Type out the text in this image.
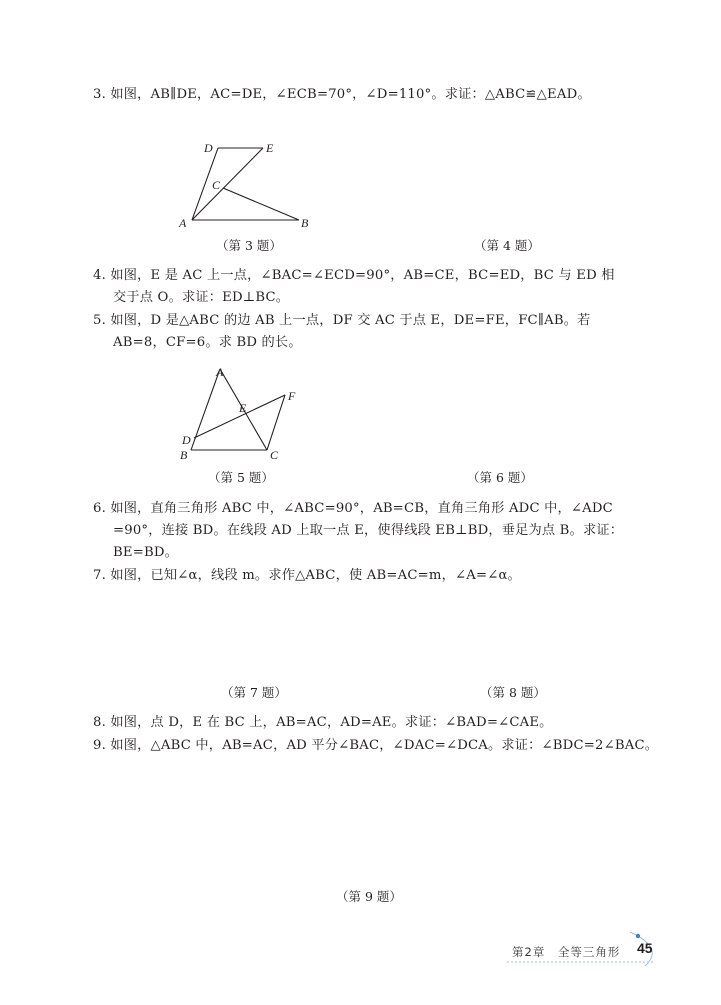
3. 如图，AB∥DE，AC=DE，∠ECB=70°，∠D=110°。求证：△ABC≌△EAD。
D	E
C
A	B
（第 3 题）	（第 4 题）
4. 如图，E 是 AC 上一点，∠BAC=∠ECD=90°，AB=CE，BC=ED，BC 与 ED 相
交于点 O。求证：ED⊥BC。
5. 如图，D 是△ABC 的边 AB 上一点，DF 交 AC 于点 E，DE=FE，FC∥AB。若
AB=8，CF=6。求 BD 的长。
A
E
F
D
B	C
（第 5 题）	（第 6 题）
6. 如图，直角三角形 ABC 中，∠ABC=90°，AB=CB，直角三角形 ADC 中，∠ADC
=90°，连接 BD。在线段 AD 上取一点 E，使得线段 EB⊥BD，垂足为点 B。求证：
BE=BD。
7. 如图，已知∠α，线段 m。求作△ABC，使 AB=AC=m，∠A=∠α。
（第 7 题）	（第 8 题）
8. 如图，点 D，E 在 BC 上，AB=AC，AD=AE。求证：∠BAD=∠CAE。
9. 如图，△ABC 中，AB=AC，AD 平分∠BAC，∠DAC=∠DCA。求证：∠BDC=2∠BAC。
（第 9 题）
第2章　全等三角形 45
